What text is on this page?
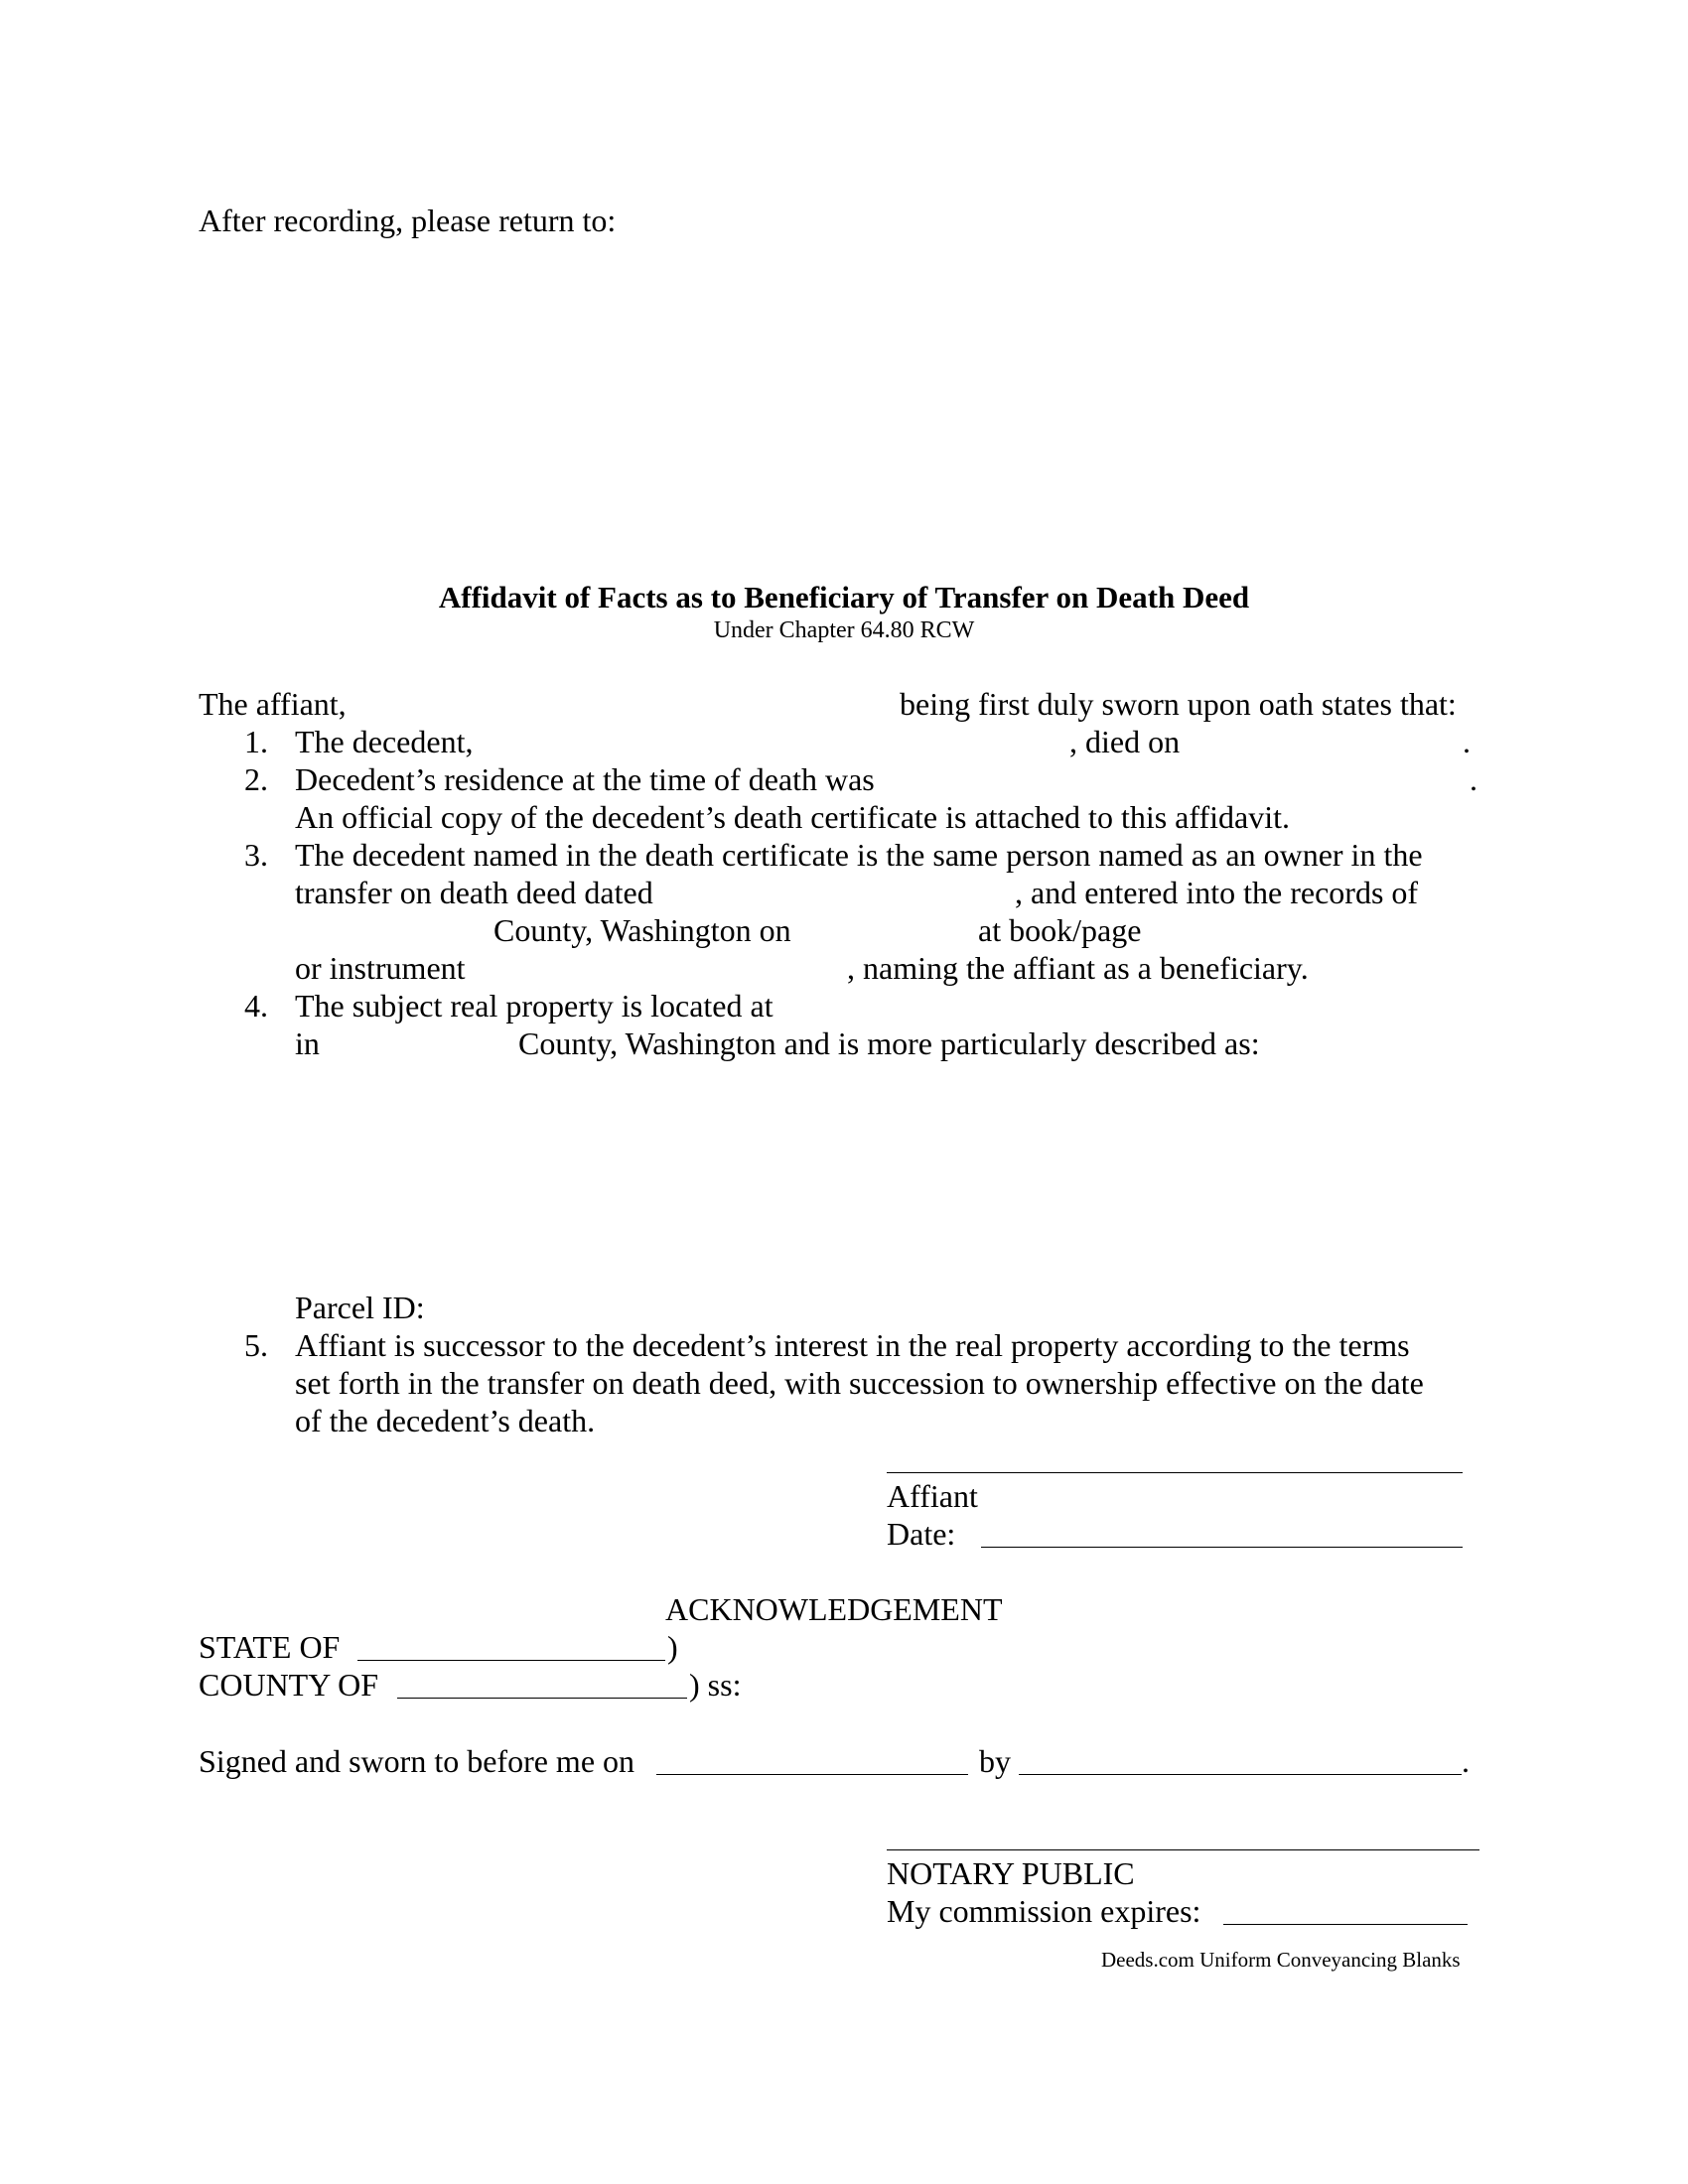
After recording, please return to:
Affidavit of Facts as to Beneficiary of Transfer on Death Deed
Under Chapter 64.80 RCW
The affiant,	being first duly sworn upon oath states that:
1. The decedent,	, died on	.
2. Decedent’s residence at the time of death was	.
An official copy of the decedent’s death certificate is attached to this affidavit.
3. The decedent named in the death certificate is the same person named as an owner in the
transfer on death deed dated	, and entered into the records of
County, Washington on	at book/page
or instrument	, naming the affiant as a beneficiary.
4. The subject real property is located at
in	County, Washington and is more particularly described as:
Parcel ID:
5. Affiant is successor to the decedent’s interest in the real property according to the terms
set forth in the transfer on death deed, with succession to ownership effective on the date
of the decedent’s death.
Affiant
Date:
ACKNOWLEDGEMENT
STATE OF	)
COUNTY OF	) ss:
Signed and sworn to before me on	by	.
NOTARY PUBLIC
My commission expires:
Deeds.com Uniform Conveyancing Blanks
